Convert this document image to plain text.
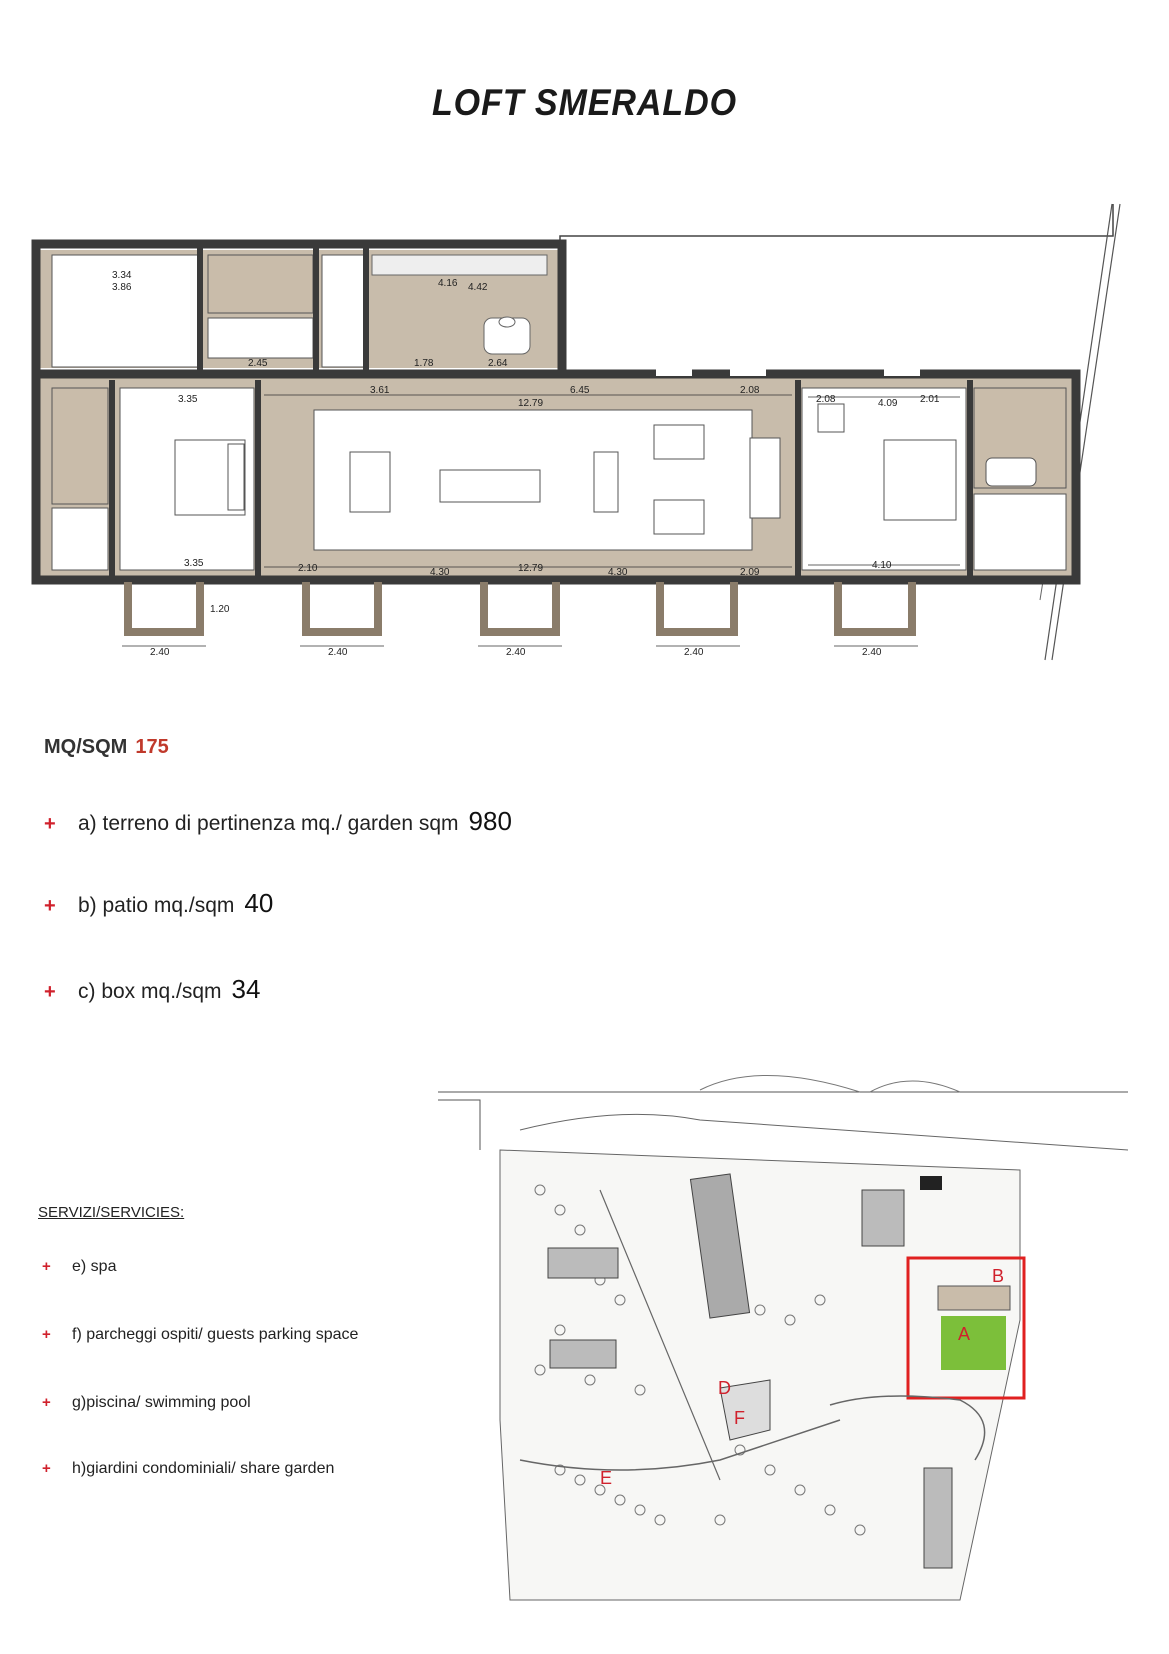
LOFT SMERALDO
3.61
12.79
6.45	2.08
2.10	4.30	12.79	4.30	2.09
3.35
3.35
2.08	4.09 2.01
4.10
4.16 4.42
1.78	2.64
3.34
3.86
2.45
2.40	2.40	2.40	2.40	2.40
1.20
A
B
D
E
F
MQ/SQM 175
+	a) terreno di pertinenza mq./ garden sqm 980
+	b) patio mq./sqm 40
+	c) box mq./sqm 34
SERVIZI/SERVICIES:
+	e) spa
+	f) parcheggi ospiti/ guests parking space
+	g)piscina/ swimming pool
+	h)giardini condominiali/ share garden
